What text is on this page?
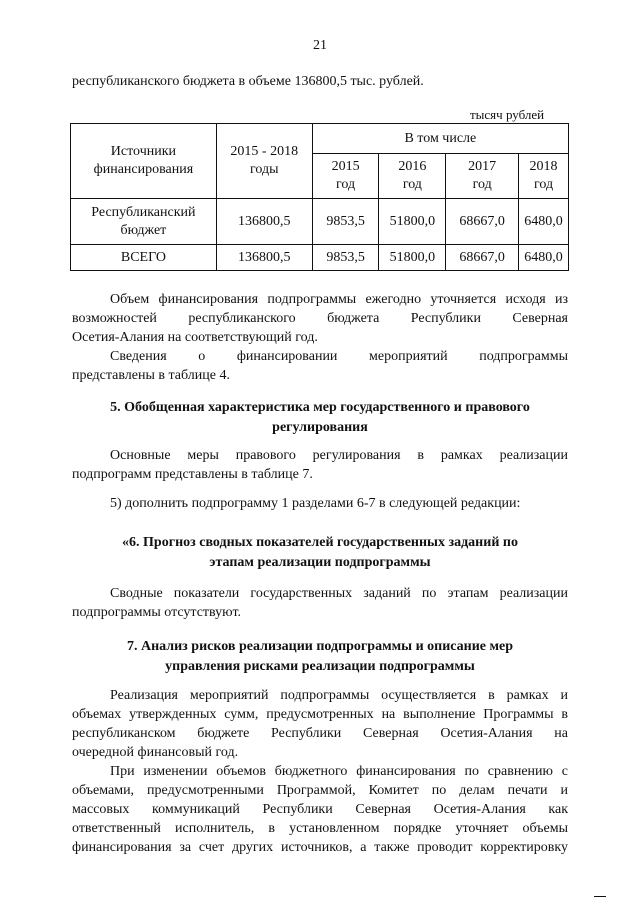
21
республиканского бюджета в объеме 136800,5 тыс. рублей.
тысяч рублей
Источники финансирования	2015 - 2018 годы	В том числе			

		2015 год	2016 год	2017 год	2018 год

Республиканский бюджет	136800,5	9853,5	51800,0	68667,0	6480,0
ВСЕГО	136800,5	9853,5	51800,0	68667,0	6480,0
Объем финансирования подпрограммы ежегодно уточняется исходя из
возможностей республиканского бюджета Республики Северная
Осетия-Алания на соответствующий год.
Сведения о финансировании мероприятий подпрограммы
представлены в таблице 4.
5. Обобщенная характеристика мер государственного и правового
регулирования
Основные меры правового регулирования в рамках реализации
подпрограмм представлены в таблице 7.
5) дополнить подпрограмму 1 разделами 6-7 в следующей редакции:
«6. Прогноз сводных показателей государственных заданий по
этапам реализации подпрограммы
Сводные показатели государственных заданий по этапам реализации
подпрограммы отсутствуют.
7. Анализ рисков реализации подпрограммы и описание мер
управления рисками реализации подпрограммы
Реализация мероприятий подпрограммы осуществляется в рамках и
объемах утвержденных сумм, предусмотренных на выполнение Программы в
республиканском бюджете Республики Северная Осетия-Алания на
очередной финансовый год.
При изменении объемов бюджетного финансирования по сравнению с
объемами, предусмотренными Программой, Комитет по делам печати и
массовых коммуникаций Республики Северная Осетия-Алания как
ответственный исполнитель, в установленном порядке уточняет объемы
финансирования за счет других источников, а также проводит корректировку
